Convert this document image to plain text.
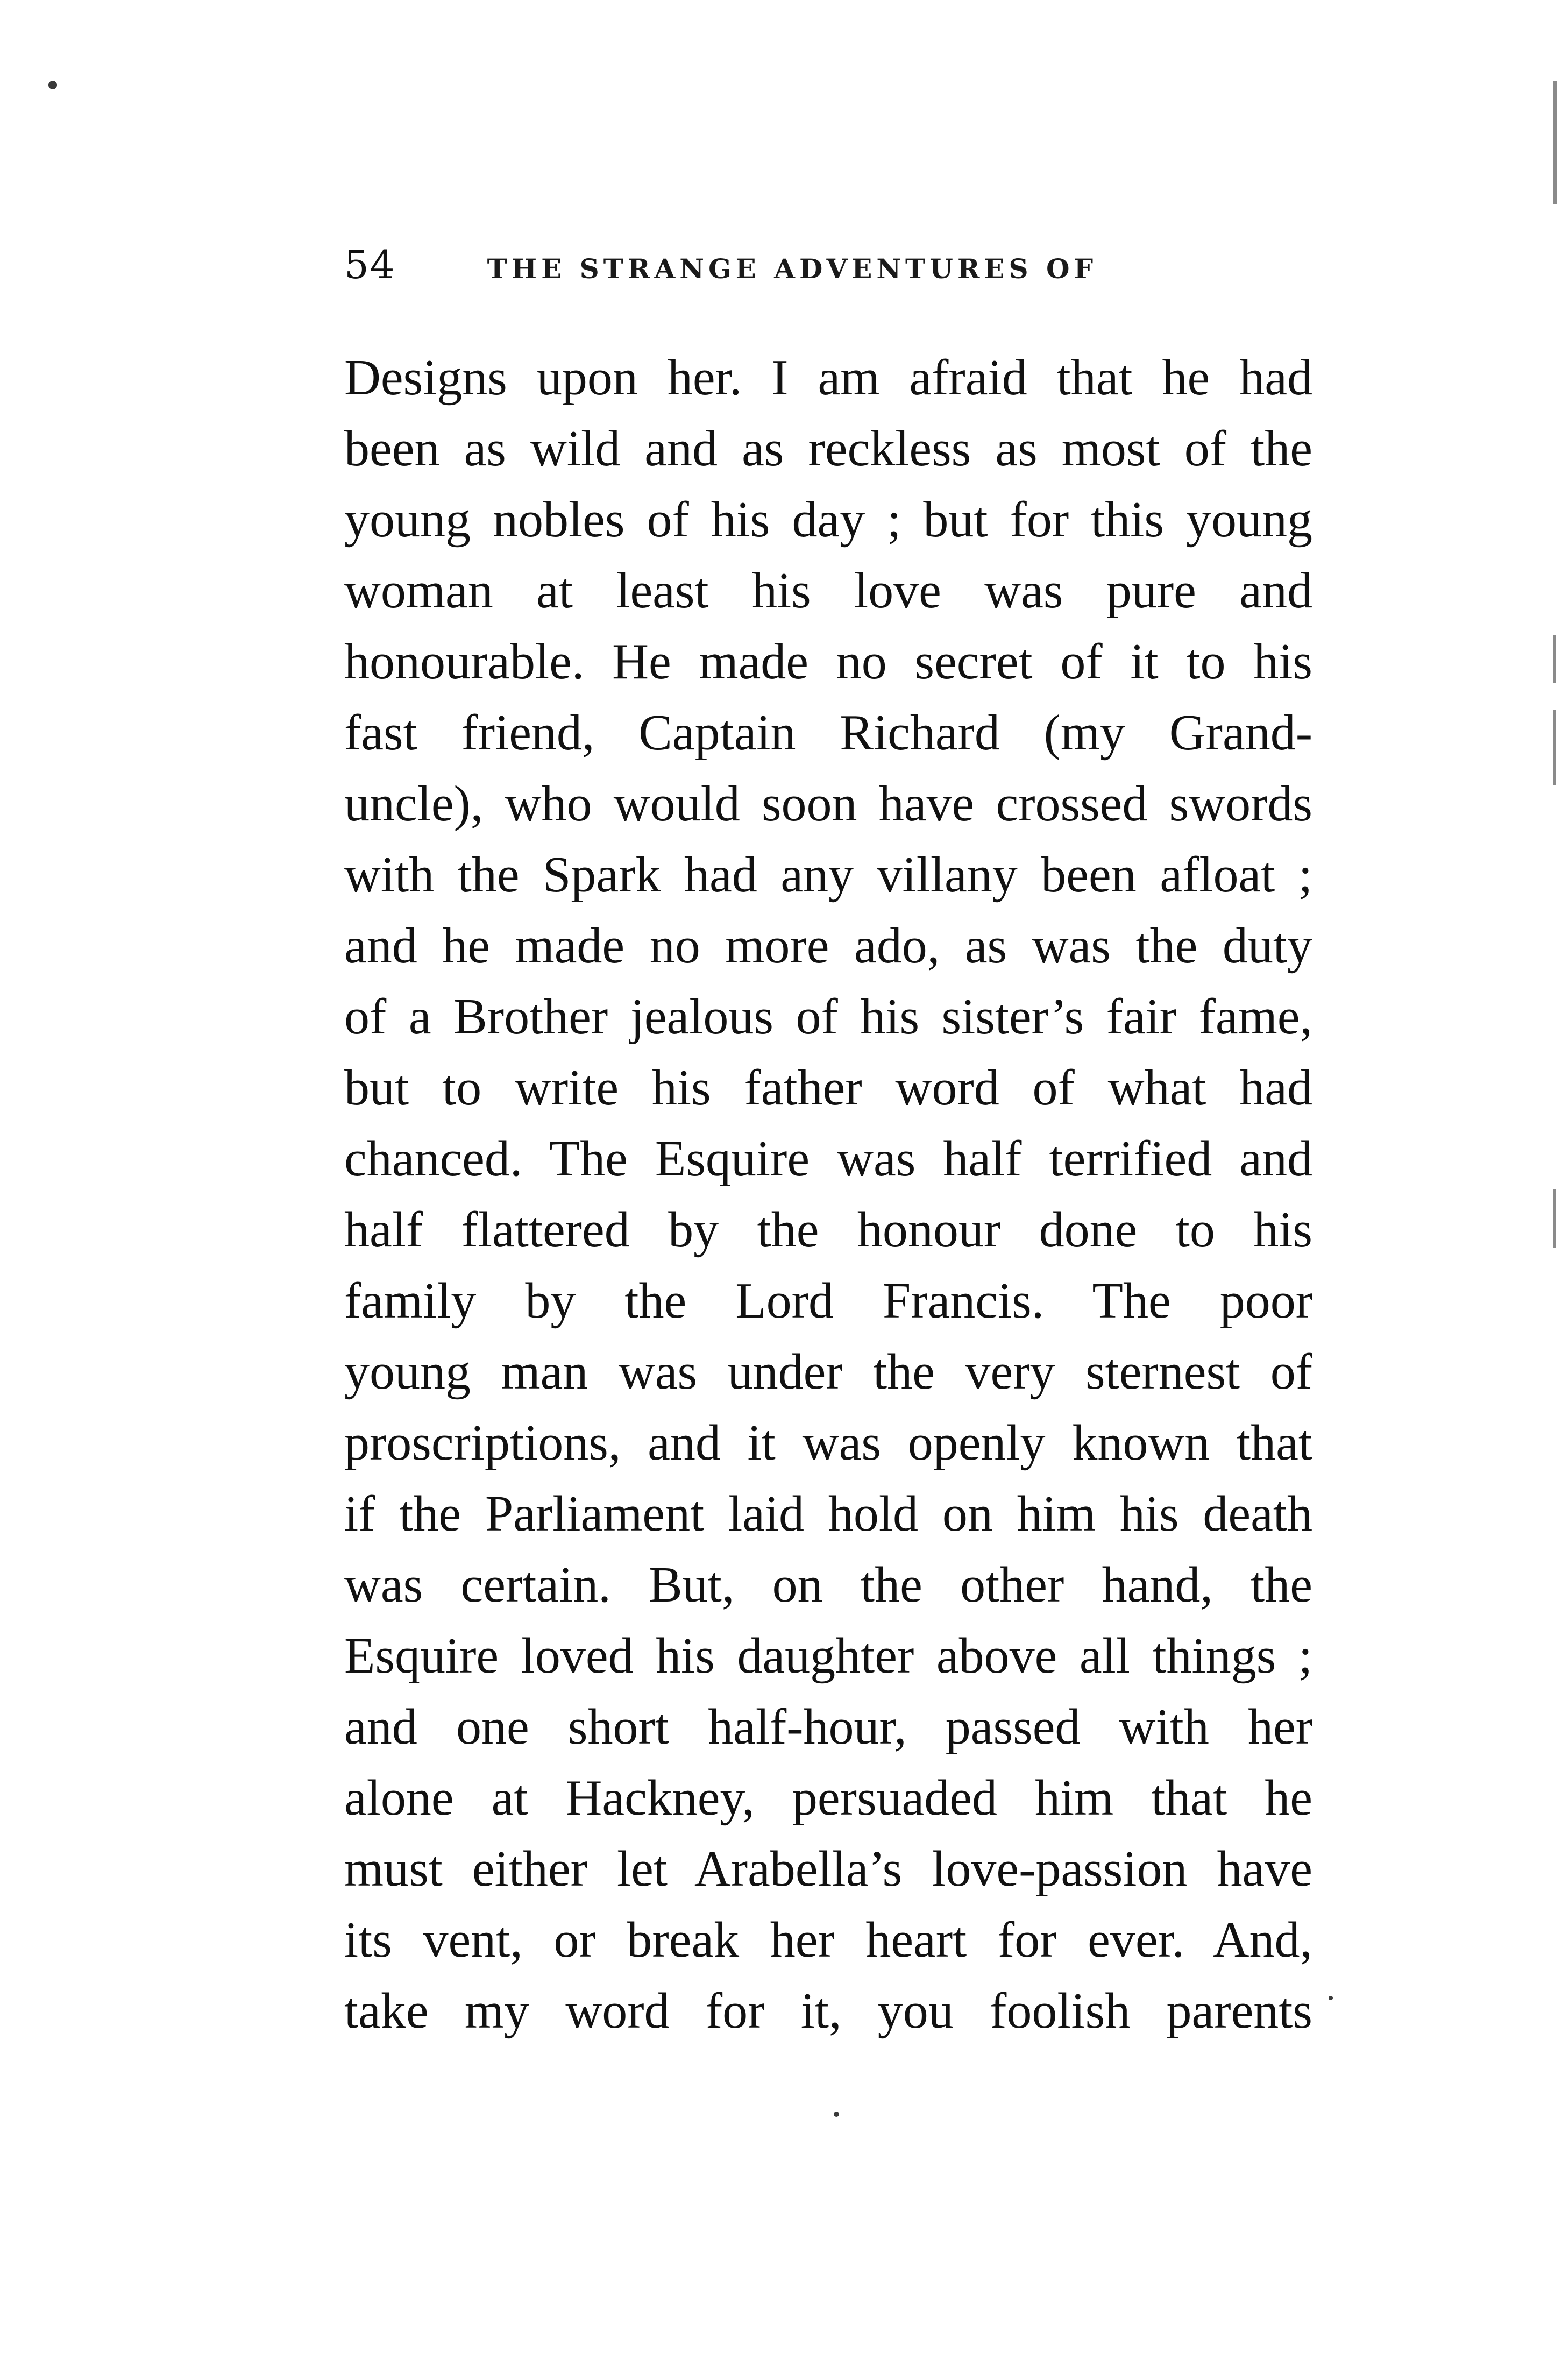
54	THE STRANGE ADVENTURES OF
Designs upon her. I am afraid that he had
been as wild and as reckless as most of the
young nobles of his day ; but for this young
woman at least his love was pure and
honourable. He made no secret of it to his
fast friend, Captain Richard (my Grand-
uncle), who would soon have crossed swords
with the Spark had any villany been afloat ;
and he made no more ado, as was the duty
of a Brother jealous of his sister’s fair fame,
but to write his father word of what had
chanced. The Esquire was half terrified and
half flattered by the honour done to his
family by the Lord Francis. The poor
young man was under the very sternest of
proscriptions, and it was openly known that
if the Parliament laid hold on him his death
was certain. But, on the other hand, the
Esquire loved his daughter above all things ;
and one short half-hour, passed with her
alone at Hackney, persuaded him that he
must either let Arabella’s love-passion have
its vent, or break her heart for ever. And,
take my word for it, you foolish parents
